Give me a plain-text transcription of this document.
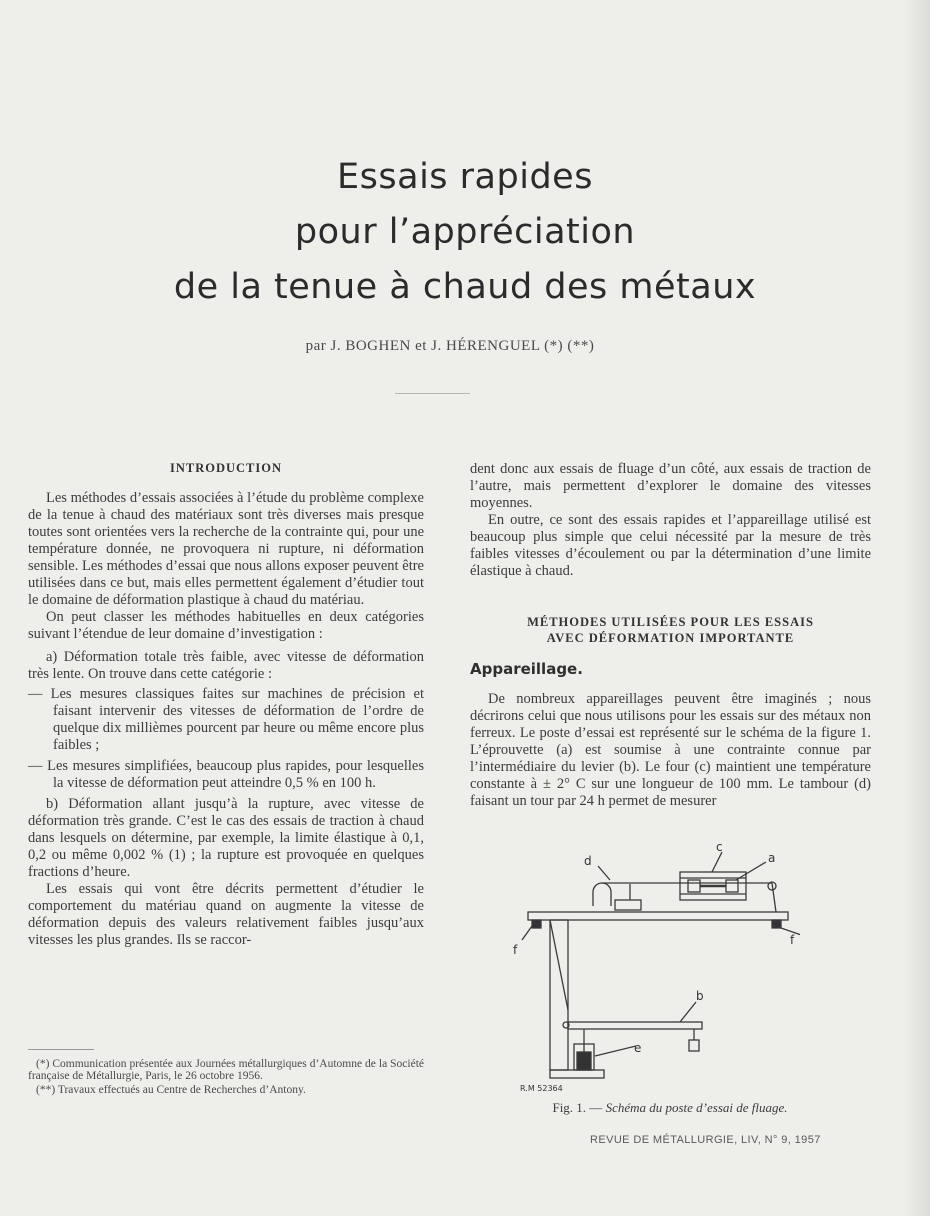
Essais rapides
pour l’appréciation
de la tenue à chaud des métaux
par J. BOGHEN et J. HÉRENGUEL (*) (**)
INTRODUCTION

Les méthodes d’essais associées à l’étude du problème complexe de la tenue à chaud des matériaux sont très diverses mais presque toutes sont orientées vers la recherche de la contrainte qui, pour une température donnée, ne provoquera ni rupture, ni déformation sensible. Les méthodes d’essai que nous allons exposer peuvent être utilisées dans ce but, mais elles permettent également d’étudier tout le domaine de déformation plastique à chaud du matériau.

On peut classer les méthodes habituelles en deux catégories suivant l’étendue de leur domaine d’investigation :

a) Déformation totale très faible, avec vitesse de déformation très lente. On trouve dans cette catégorie :

— Les mesures classiques faites sur machines de précision et faisant intervenir des vitesses de déformation de l’ordre de quelque dix millièmes pourcent par heure ou même encore plus faibles ;
— Les mesures simplifiées, beaucoup plus rapides, pour lesquelles la vitesse de déformation peut atteindre 0,5 % en 100 h.

b) Déformation allant jusqu’à la rupture, avec vitesse de déformation très grande. C’est le cas des essais de traction à chaud dans lesquels on détermine, par exemple, la limite élastique à 0,1, 0,2 ou même 0,002 % (1) ; la rupture est provoquée en quelques fractions d’heure.

Les essais qui vont être décrits permettent d’étudier le comportement du matériau quand on augmente la vitesse de déformation depuis des valeurs relativement faibles jusqu’aux vitesses les plus grandes. Ils se raccor-

(*) Communication présentée aux Journées métallurgiques d’Automne de la Société française de Métallurgie, Paris, le 26 octobre 1956.

(**) Travaux effectués au Centre de Recherches d’Antony.

dent donc aux essais de fluage d’un côté, aux essais de traction de l’autre, mais permettent d’explorer le domaine des vitesses moyennes.

En outre, ce sont des essais rapides et l’appareillage utilisé est beaucoup plus simple que celui nécessité par la mesure de très faibles vitesses d’écoulement ou par la détermination d’une limite élastique à chaud.

MÉTHODES UTILISÉES POUR LES ESSAIS
AVEC DÉFORMATION IMPORTANTE
Appareillage.

De nombreux appareillages peuvent être imaginés ; nous décrirons celui que nous utilisons pour les essais sur des métaux non ferreux. Le poste d’essai est représenté sur le schéma de la figure 1. L’éprouvette (a) est soumise à une contrainte connue par l’intermédiaire du levier (b). Le four (c) maintient une température constante à ± 2° C sur une longueur de 100 mm. Le tambour (d) faisant un tour par 24 h permet de mesurer

d
c
a
f
f
b
e
R.M 52364
Fig. 1. — Schéma du poste d’essai de fluage.
REVUE DE MÉTALLURGIE, LIV, N° 9, 1957
